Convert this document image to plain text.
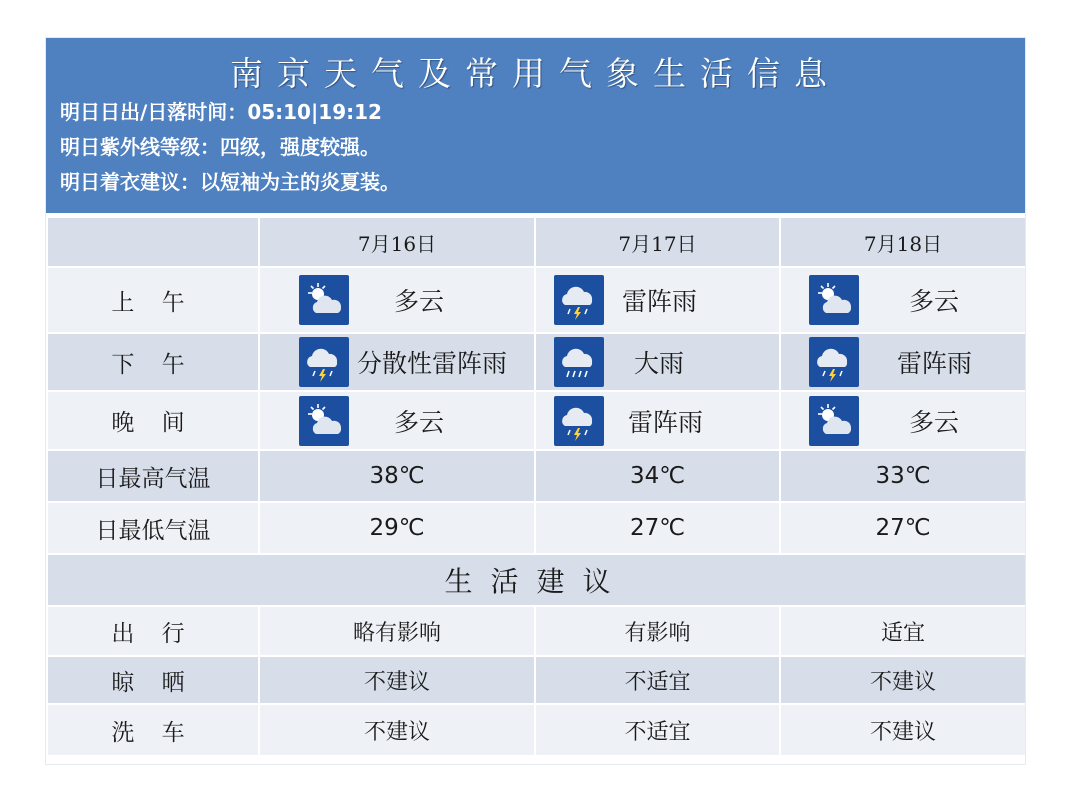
南京天气及常用气象生活信息
明日日出/日落时间：05:10|19:12
明日紫外线等级：四级，强度较强。
明日着衣建议：以短袖为主的炎夏装。
	7月16日	7月17日	7月18日
上 午	多云	雷阵雨	多云

下 午	分散性雷阵雨	大雨	雷阵雨

晚 间	多云	雷阵雨	多云

日最高气温	38℃	34℃	33℃
日最低气温	29℃	27℃	27℃
生活建议			
出 行	略有影响	有影响	适宜
晾 晒	不建议	不适宜	不建议
洗 车	不建议	不适宜	不建议
